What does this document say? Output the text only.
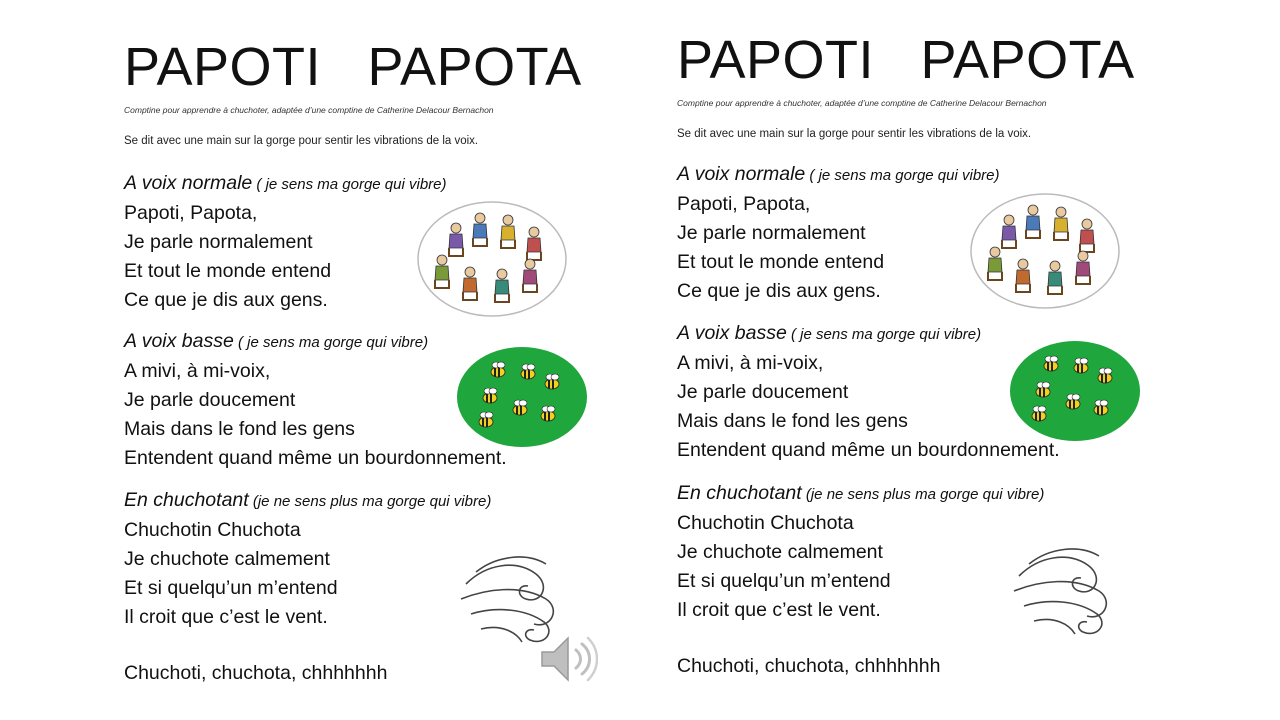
PAPOTI   PAPOTA
Comptine pour apprendre à chuchoter, adaptée d’une comptine de Catherine Delacour Bernachon
Se dit avec une main sur la gorge pour sentir les vibrations de la voix.
A voix normale ( je sens ma gorge qui vibre)
Papoti, Papota,
Je parle normalement
Et tout le monde entend
Ce que je dis aux gens.
A voix basse ( je sens ma gorge qui vibre)
A mivi, à mi-voix,
Je parle doucement
Mais dans le fond les gens
Entendent quand même un bourdonnement.
En chuchotant (je ne sens plus ma gorge qui vibre)
Chuchotin Chuchota
Je chuchote calmement
Et si quelqu’un m’entend
Il croit que c’est le vent.
Chuchoti, chuchota, chhhhhhh
PAPOTI   PAPOTA
Comptine pour apprendre à chuchoter, adaptée d’une comptine de Catherine Delacour Bernachon
Se dit avec une main sur la gorge pour sentir les vibrations de la voix.
A voix normale ( je sens ma gorge qui vibre)
Papoti, Papota,
Je parle normalement
Et tout le monde entend
Ce que je dis aux gens.
A voix basse ( je sens ma gorge qui vibre)
A mivi, à mi-voix,
Je parle doucement
Mais dans le fond les gens
Entendent quand même un bourdonnement.
En chuchotant (je ne sens plus ma gorge qui vibre)
Chuchotin Chuchota
Je chuchote calmement
Et si quelqu’un m’entend
Il croit que c’est le vent.
Chuchoti, chuchota, chhhhhhh
